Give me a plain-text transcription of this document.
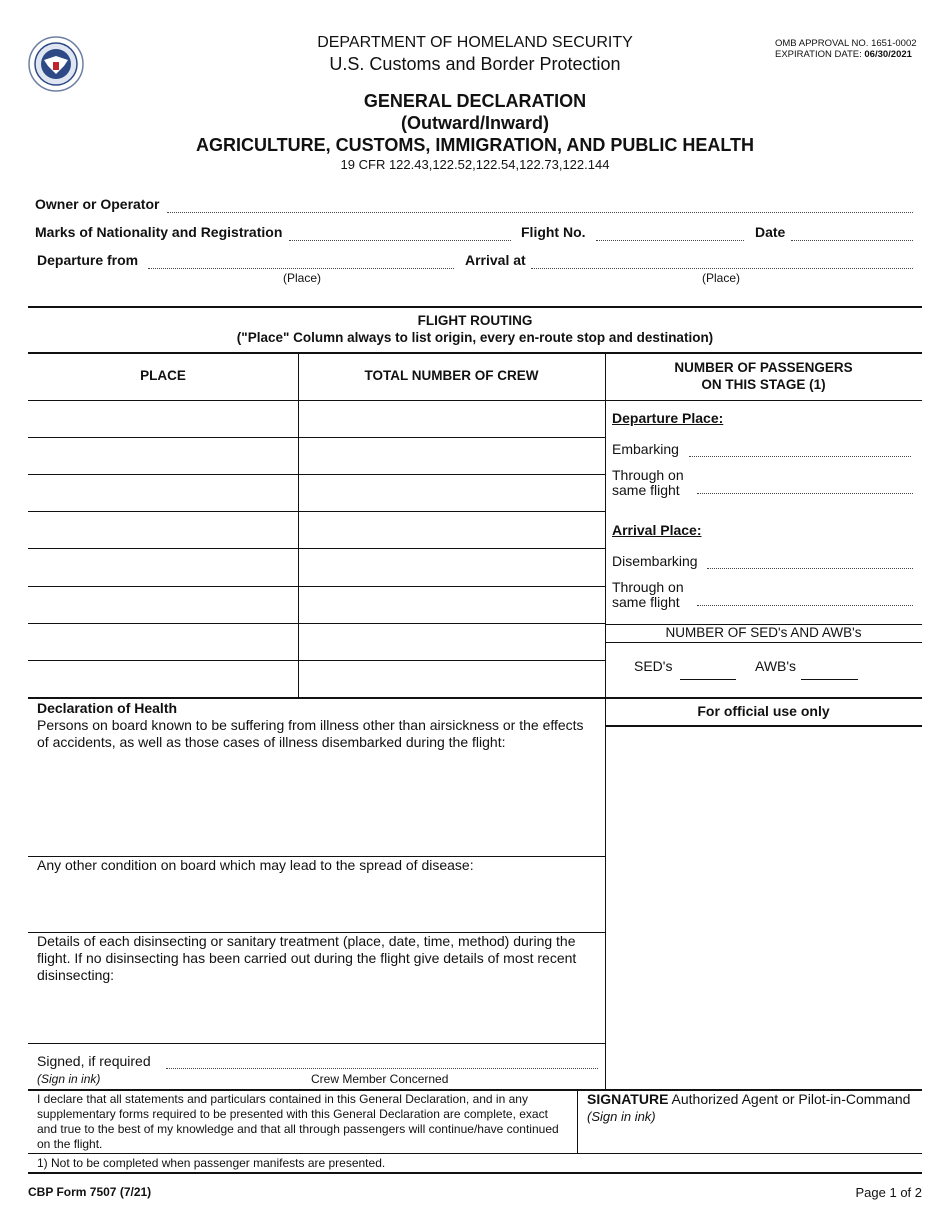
DEPARTMENT OF HOMELAND SECURITY
U.S. Customs and Border Protection
OMB APPROVAL NO. 1651-0002
EXPIRATION DATE: 06/30/2021
GENERAL DECLARATION
(Outward/Inward)
AGRICULTURE, CUSTOMS, IMMIGRATION, AND PUBLIC HEALTH
19 CFR 122.43,122.52,122.54,122.73,122.144
Owner or Operator
Marks of Nationality and Registration	Flight No.	Date
Departure from	Arrival at
(Place)	(Place)
FLIGHT ROUTING
("Place" Column always to list origin, every en-route stop and destination)
PLACE	TOTAL NUMBER OF CREW
NUMBER OF PASSENGERS
ON THIS STAGE (1)
Departure Place:
Embarking
Through on
same flight
Arrival Place:
Disembarking
Through on
same flight
NUMBER OF SED's AND AWB's
SED's	AWB's
Declaration of Health
Persons on board known to be suffering from illness other than airsickness or the effects of accidents, as well as those cases of illness disembarked during the flight:
For official use only
Any other condition on board which may lead to the spread of disease:
Details of each disinsecting or sanitary treatment (place, date, time, method) during the flight. If no disinsecting has been carried out during the flight give details of most recent disinsecting:
Signed, if required
(Sign in ink)	Crew Member Concerned
I declare that all statements and particulars contained in this General Declaration, and in any supplementary forms required to be presented with this General Declaration are complete, exact and true to the best of my knowledge and that all through passengers will continue/have continued on the flight.
SIGNATURE Authorized Agent or Pilot-in-Command
(Sign in ink)
1) Not to be completed when passenger manifests are presented.
CBP Form 7507 (7/21)	Page 1 of 2
